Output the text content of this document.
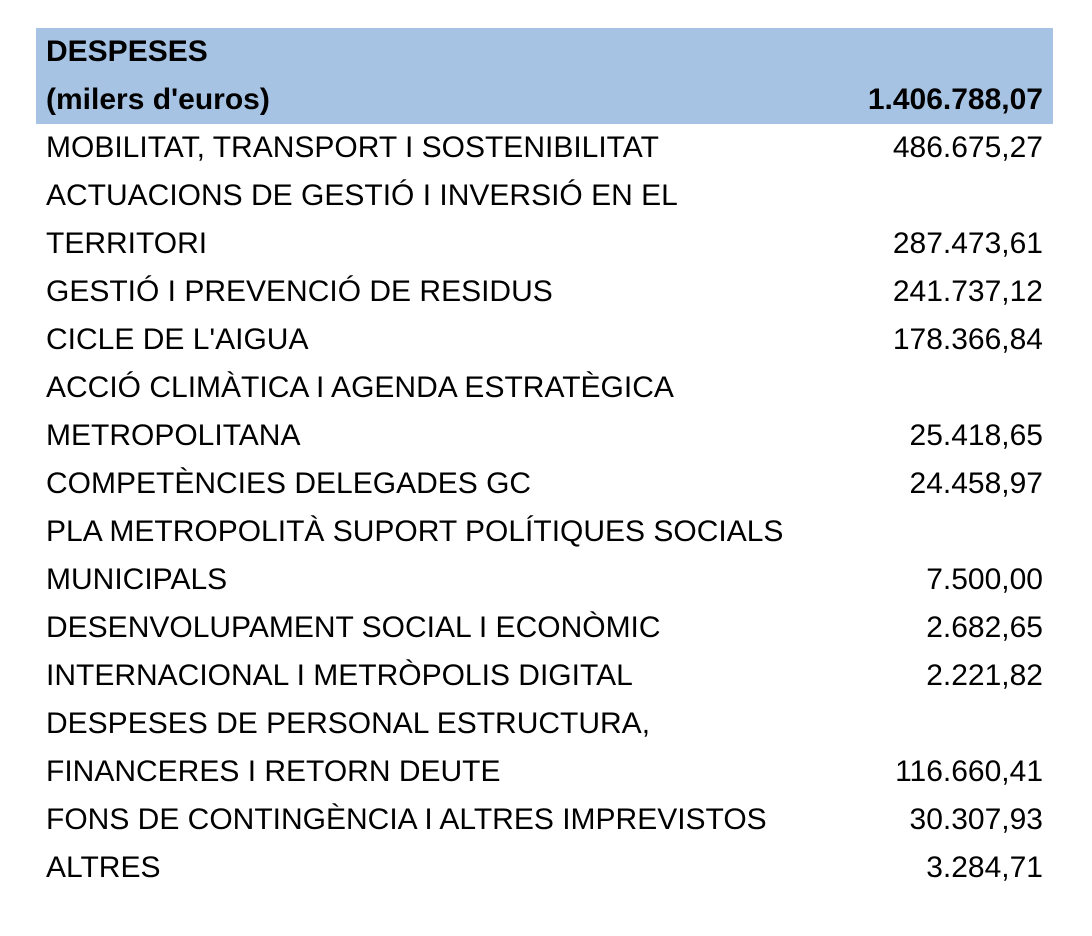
DESPESES
(milers d'euros)	1.406.788,07
MOBILITAT, TRANSPORT I SOSTENIBILITAT	486.675,27
ACTUACIONS DE GESTIÓ I INVERSIÓ EN EL
TERRITORI	287.473,61
GESTIÓ I PREVENCIÓ DE RESIDUS	241.737,12
CICLE DE L'AIGUA	178.366,84
ACCIÓ CLIMÀTICA I AGENDA ESTRATÈGICA
METROPOLITANA	25.418,65
COMPETÈNCIES DELEGADES GC	24.458,97
PLA METROPOLITÀ SUPORT POLÍTIQUES SOCIALS
MUNICIPALS	7.500,00
DESENVOLUPAMENT SOCIAL I ECONÒMIC	2.682,65
INTERNACIONAL I METRÒPOLIS DIGITAL	2.221,82
DESPESES DE PERSONAL ESTRUCTURA,
FINANCERES I RETORN DEUTE	116.660,41
FONS DE CONTINGÈNCIA I ALTRES IMPREVISTOS	30.307,93
ALTRES	3.284,71
